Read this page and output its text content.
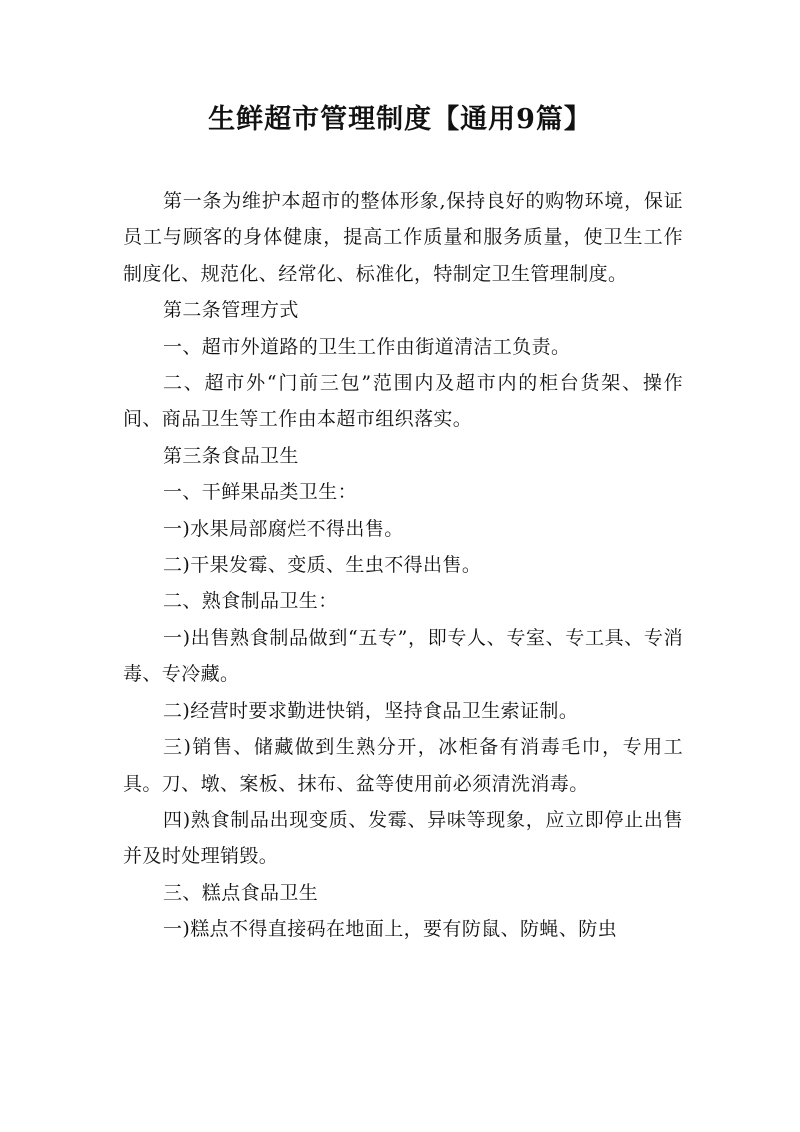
生鲜超市管理制度【通用9篇】

第一条为维护本超市的整体形象,保持良好的购物环境，保证员工与顾客的身体健康，提高工作质量和服务质量，使卫生工作制度化、规范化、经常化、标准化，特制定卫生管理制度。

第二条管理方式

一、超市外道路的卫生工作由街道清洁工负责。

二、超市外“门前三包”范围内及超市内的柜台货架、操作间、商品卫生等工作由本超市组织落实。

第三条食品卫生

一、干鲜果品类卫生：

一)水果局部腐烂不得出售。

二)干果发霉、变质、生虫不得出售。

二、熟食制品卫生：

一)出售熟食制品做到“五专”，即专人、专室、专工具、专消毒、专冷藏。

二)经营时要求勤进快销，坚持食品卫生索证制。

三)销售、储藏做到生熟分开，冰柜备有消毒毛巾，专用工具。刀、墩、案板、抹布、盆等使用前必须清洗消毒。

四)熟食制品出现变质、发霉、异味等现象，应立即停止出售并及时处理销毁。

三、糕点食品卫生

一)糕点不得直接码在地面上，要有防鼠、防蝇、防虫
